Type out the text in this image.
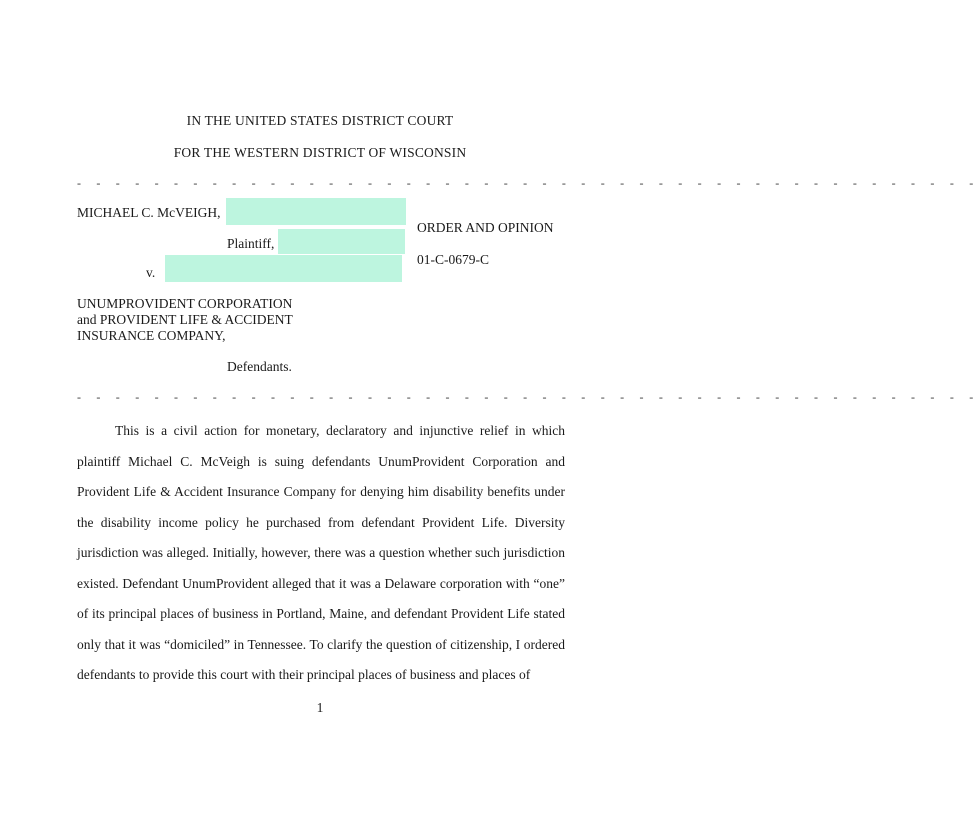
IN THE UNITED STATES DISTRICT COURT
FOR THE WESTERN DISTRICT OF WISCONSIN
- - - - - - - - - - - - - - - - - - - - - - - - - - - - - - - - - - - - - - - - - - - - - - -
MICHAEL C. McVEIGH,
Plaintiff,
v.
ORDER AND OPINION
01-C-0679-C
UNUMPROVIDENT CORPORATION
and PROVIDENT LIFE & ACCIDENT
INSURANCE COMPANY,
Defendants.
- - - - - - - - - - - - - - - - - - - - - - - - - - - - - - - - - - - - - - - - - - - - - - -

This is a civil action for monetary, declaratory and injunctive relief in which plaintiff Michael C. McVeigh is suing defendants UnumProvident Corporation and Provident Life & Accident Insurance Company for denying him disability benefits under the disability income policy he purchased from defendant Provident Life. Diversity jurisdiction was alleged. Initially, however, there was a question whether such jurisdiction existed. Defendant UnumProvident alleged that it was a Delaware corporation with “one” of its principal places of business in Portland, Maine, and defendant Provident Life stated only that it was “domiciled” in Tennessee. To clarify the question of citizenship, I ordered defendants to provide this court with their principal places of business and places of

1
